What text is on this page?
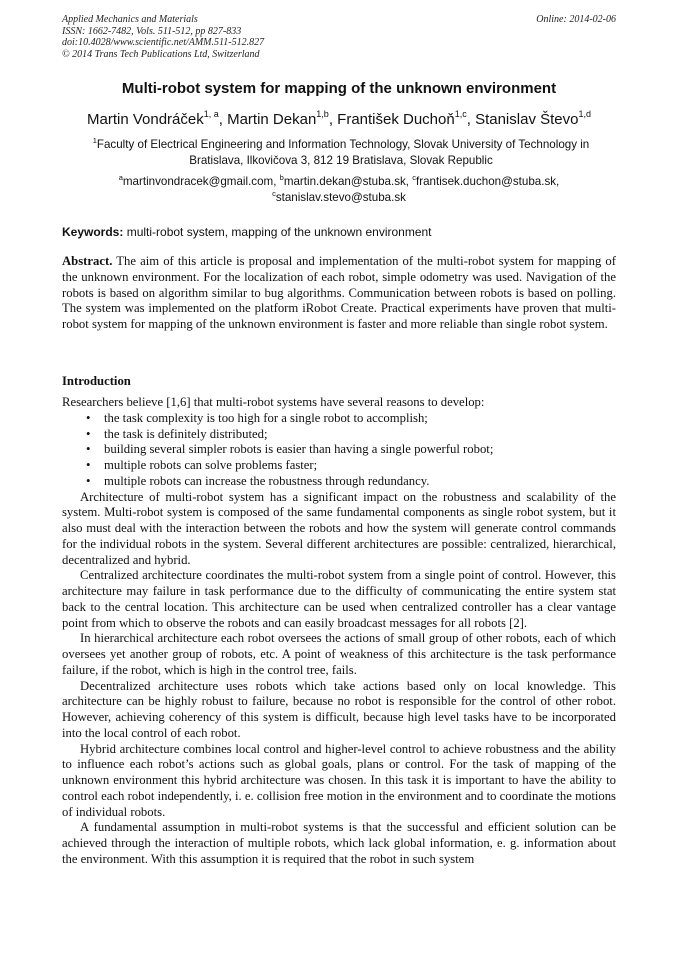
Applied Mechanics and Materials
ISSN: 1662-7482, Vols. 511-512, pp 827-833
doi:10.4028/www.scientific.net/AMM.511-512.827
© 2014 Trans Tech Publications Ltd, Switzerland
Online: 2014-02-06
Multi-robot system for mapping of the unknown environment
Martin Vondráček$^{1, a}$, Martin Dekan$^{1,b}$, František Duchoň$^{1,c}$, Stanislav Števo$^{1,d}$
$^1$Faculty of Electrical Engineering and Information Technology, Slovak University of Technology in Bratislava, Ilkovičova 3, 812 19 Bratislava, Slovak Republic
$^a$martinvondracek@gmail.com, $^b$martin.dekan@stuba.sk, $^c$frantisek.duchon@stuba.sk,
$^c$stanislav.stevo@stuba.sk
Keywords: multi-robot system, mapping of the unknown environment
Abstract. The aim of this article is proposal and implementation of the multi-robot system for mapping of the unknown environment. For the localization of each robot, simple odometry was used. Navigation of the robots is based on algorithm similar to bug algorithms. Communication between robots is based on polling. The system was implemented on the platform iRobot Create. Practical experiments have proven that multi-robot system for mapping of the unknown environment is faster and more reliable than single robot system.
Introduction

Researchers believe [1,6] that multi-robot systems have several reasons to develop:

• the task complexity is too high for a single robot to accomplish;
• the task is definitely distributed;
• building several simpler robots is easier than having a single powerful robot;
• multiple robots can solve problems faster;
• multiple robots can increase the robustness through redundancy.

Architecture of multi-robot system has a significant impact on the robustness and scalability of the system. Multi-robot system is composed of the same fundamental components as single robot system, but it also must deal with the interaction between the robots and how the system will generate control commands for the individual robots in the system. Several different architectures are possible: centralized, hierarchical, decentralized and hybrid.

Centralized architecture coordinates the multi-robot system from a single point of control. However, this architecture may failure in task performance due to the difficulty of communicating the entire system stat back to the central location. This architecture can be used when centralized controller has a clear vantage point from which to observe the robots and can easily broadcast messages for all robots [2].

In hierarchical architecture each robot oversees the actions of small group of other robots, each of which oversees yet another group of robots, etc. A point of weakness of this architecture is the task performance failure, if the robot, which is high in the control tree, fails.

Decentralized architecture uses robots which take actions based only on local knowledge. This architecture can be highly robust to failure, because no robot is responsible for the control of other robot. However, achieving coherency of this system is difficult, because high level tasks have to be incorporated into the local control of each robot.

Hybrid architecture combines local control and higher-level control to achieve robustness and the ability to influence each robot’s actions such as global goals, plans or control. For the task of mapping of the unknown environment this hybrid architecture was chosen. In this task it is important to have the ability to control each robot independently, i. e. collision free motion in the environment and to coordinate the motions of individual robots.

A fundamental assumption in multi-robot systems is that the successful and efficient solution can be achieved through the interaction of multiple robots, which lack global information, e. g. information about the environment. With this assumption it is required that the robot in such system
